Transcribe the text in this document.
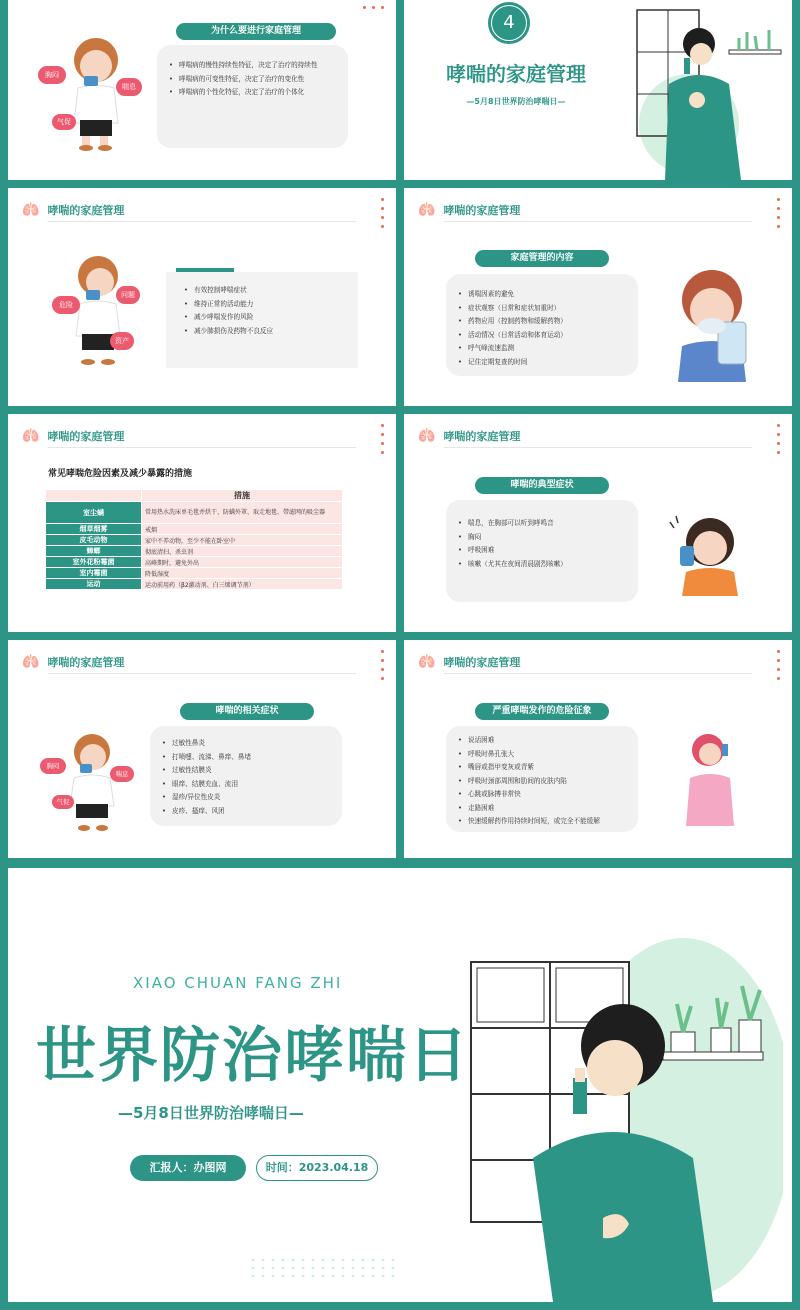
胸闷
喘息
气促
为什么要进行家庭管理
• 哮喘病的慢性持续性特征，决定了治疗的持续性
• 哮喘病的可变性特征，决定了治疗的变化性
• 哮喘病的个性化特征，决定了治疗的个体化
4
哮喘的家庭管理
—5月8日世界防治哮喘日—
🫁 哮喘的家庭管理
危险
问题
资产
• 有效控制哮喘症状
• 维持正常的活动能力
• 减少哮喘发作的风险
• 减少肺损伤及药物不良反应
🫁 哮喘的家庭管理
家庭管理的内容
• 诱喘因素的避免
• 症状观察（日常和症状加重时）
• 药物应用（控制药物和缓解药物）
• 活动情况（日常活动和体育运动）
• 呼气峰流速监测
• 记住定期复查的时间
🫁 哮喘的家庭管理
常见哮喘危险因素及减少暴露的措施
	措施
室尘螨	常用热水洗床单毛毯并烘干、防螨外罩、取走地毯、带滤网的吸尘器
烟草烟雾	戒烟
皮毛动物	家中不养动物，至少不能在卧室中
蟑螂	彻底清扫、杀虫剂
室外花粉霉菌	高峰期时，避免外出
室内霉菌	降低湿度
运动	运动前用药（β2激动剂、白三烯调节剂）
🫁 哮喘的家庭管理
哮喘的典型症状
• 喘息，在胸部可以听到哮鸣音
• 胸闷
• 呼吸困难
• 咳嗽（尤其在夜间清晨剧烈咳嗽）
🫁 哮喘的家庭管理
胸闷
喘息
气促
哮喘的相关症状
• 过敏性鼻炎
• 打喷嚏、流涕、鼻痒、鼻堵
• 过敏性结膜炎
• 眼痒、结膜充血、流泪
• 湿疹/异位性皮炎
• 皮疹、搔痒、风团
🫁 哮喘的家庭管理
严重哮喘发作的危险征象
• 说话困难
• 呼吸时鼻孔张大
• 嘴唇或指甲变灰或青紫
• 呼吸时颈部周围和肋间的皮肤内陷
• 心跳或脉搏非常快
• 走路困难
• 快速缓解药作用持续时间短，或完全不能缓解
XIAO CHUAN FANG ZHI
世界防治哮喘日
—5月8日世界防治哮喘日—
汇报人：办图网	时间：2023.04.18
